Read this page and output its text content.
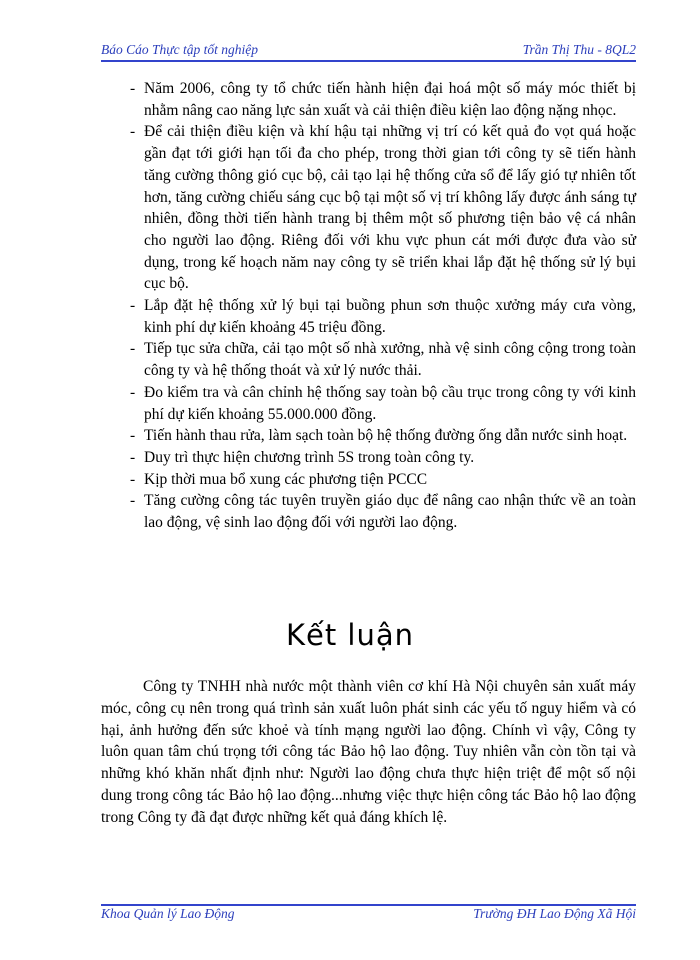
Báo Cáo Thực tập tốt nghiệp	Trần Thị Thu - 8QL2
- Năm 2006, công ty tổ chức tiến hành hiện đại hoá một số máy móc thiết bị nhằm nâng cao năng lực sản xuất và cải thiện điều kiện lao động nặng nhọc.
- Để cải thiện điều kiện và khí hậu tại những vị trí có kết quả đo vọt quá hoặc gần đạt tới giới hạn tối đa cho phép, trong thời gian tới công ty sẽ tiến hành tăng cường thông gió cục bộ, cải tạo lại hệ thống cửa sổ để lấy gió tự nhiên tốt hơn, tăng cường chiếu sáng cục bộ tại một số vị trí không lấy được ánh sáng tự nhiên, đồng thời tiến hành trang bị thêm một số phương tiện bảo vệ cá nhân cho người lao động. Riêng đối với khu vực phun cát mới được đưa vào sử dụng, trong kế hoạch năm nay công ty sẽ triển khai lắp đặt hệ thống sử lý bụi cục bộ.
- Lắp đặt hệ thống xử lý bụi tại buồng phun sơn thuộc xưởng máy cưa vòng, kinh phí dự kiến khoảng 45 triệu đồng.
- Tiếp tục sửa chữa, cải tạo một số nhà xưởng, nhà vệ sinh công cộng trong toàn công ty và hệ thống thoát và xử lý nước thải.
- Đo kiểm tra và cân chỉnh hệ thống say toàn bộ cầu trục trong công ty với kinh phí dự kiến khoảng 55.000.000 đồng.
- Tiến hành thau rửa, làm sạch toàn bộ hệ thống đường ống dẫn nước sinh hoạt.
- Duy trì thực hiện chương trình 5S trong toàn công ty.
- Kịp thời mua bổ xung các phương tiện PCCC
- Tăng cường công tác tuyên truyền giáo dục để nâng cao nhận thức về an toàn lao động, vệ sinh lao động đối với người lao động.
Kết luận

Công ty TNHH nhà nước một thành viên cơ khí Hà Nội chuyên sản xuất máy móc, công cụ nên trong quá trình sản xuất luôn phát sinh các yếu tố nguy hiểm và có hại, ảnh hưởng đến sức khoẻ và tính mạng người lao động. Chính vì vậy, Công ty luôn quan tâm chú trọng tới công tác Bảo hộ lao động. Tuy nhiên vẫn còn tồn tại và những khó khăn nhất định như: Người lao động chưa thực hiện triệt để một số nội dung trong công tác Bảo hộ lao động...nhưng việc thực hiện công tác Bảo hộ lao động trong Công ty đã đạt được những kết quả đáng khích lệ.

Khoa Quản lý Lao Động	Trường ĐH Lao Động Xã Hội
